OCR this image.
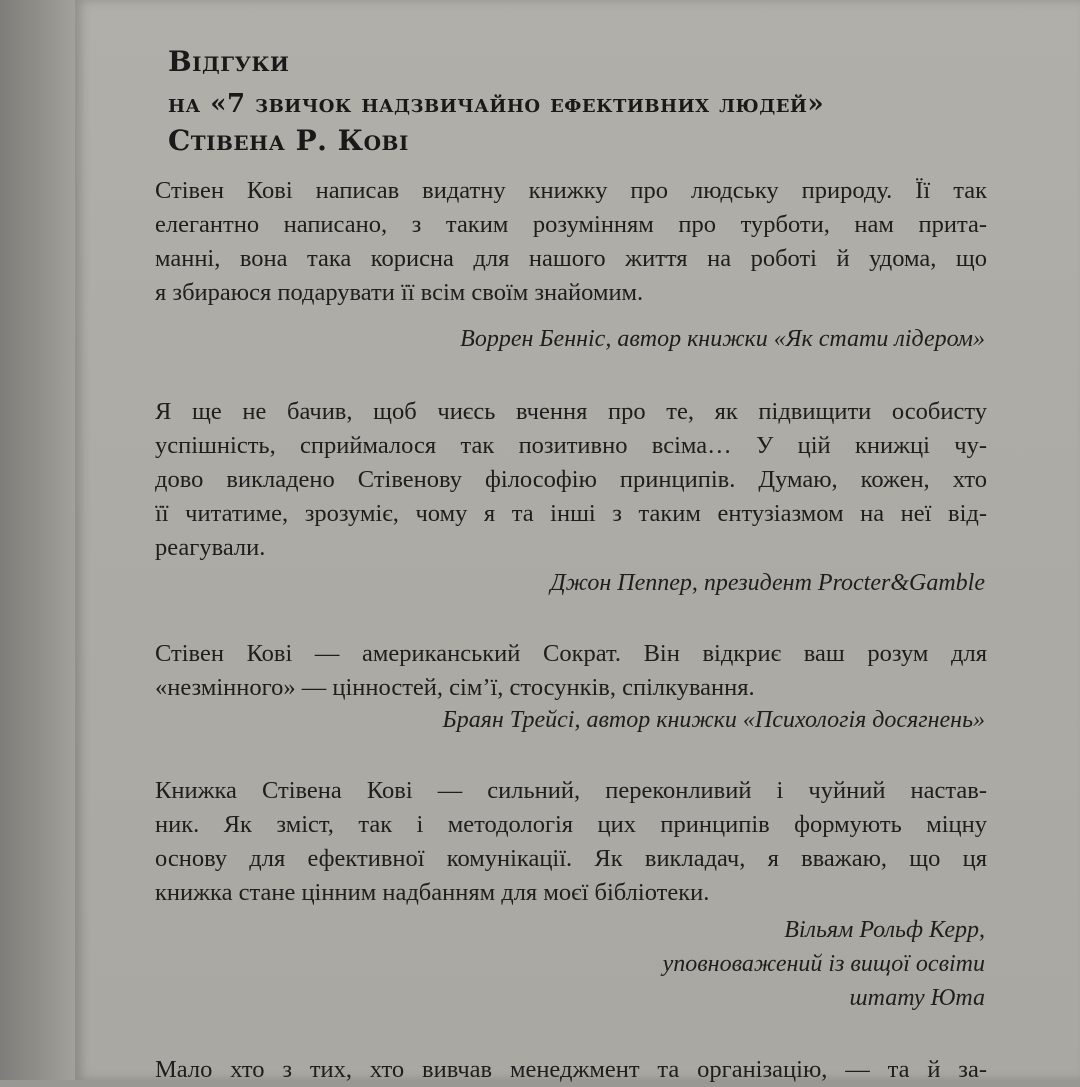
Відгуки
на «7 звичок надзвичайно ефективних людей»
Стівена Р. Кові
Стівен Кові написав видатну книжку про людську природу. Її так
елегантно написано, з таким розумінням про турботи, нам прита-
манні, вона така корисна для нашого життя на роботі й удома, що
я збираюся подарувати її всім своїм знайомим.
Воррен Бенніс, автор книжки «Як стати лідером»
Я ще не бачив, щоб чиєсь вчення про те, як підвищити особисту
успішність, сприймалося так позитивно всіма… У цій книжці чу-
дово викладено Стівенову філософію принципів. Думаю, кожен, хто
її читатиме, зрозуміє, чому я та інші з таким ентузіазмом на неї від-
реагували.
Джон Пеппер, президент Procter&Gamble
Стівен Кові — американський Сократ. Він відкриє ваш розум для
«незмінного» — цінностей, сім’ї, стосунків, спілкування.
Браян Трейсі, автор книжки «Психологія досягнень»
Книжка Стівена Кові — сильний, переконливий і чуйний настав-
ник. Як зміст, так і методологія цих принципів формують міцну
основу для ефективної комунікації. Як викладач, я вважаю, що ця
книжка стане цінним надбанням для моєї бібліотеки.
Вільям Рольф Керр,
уповноважений із вищої освіти
штату Юта
Мало хто з тих, хто вивчав менеджмент та організацію, — та й за-
